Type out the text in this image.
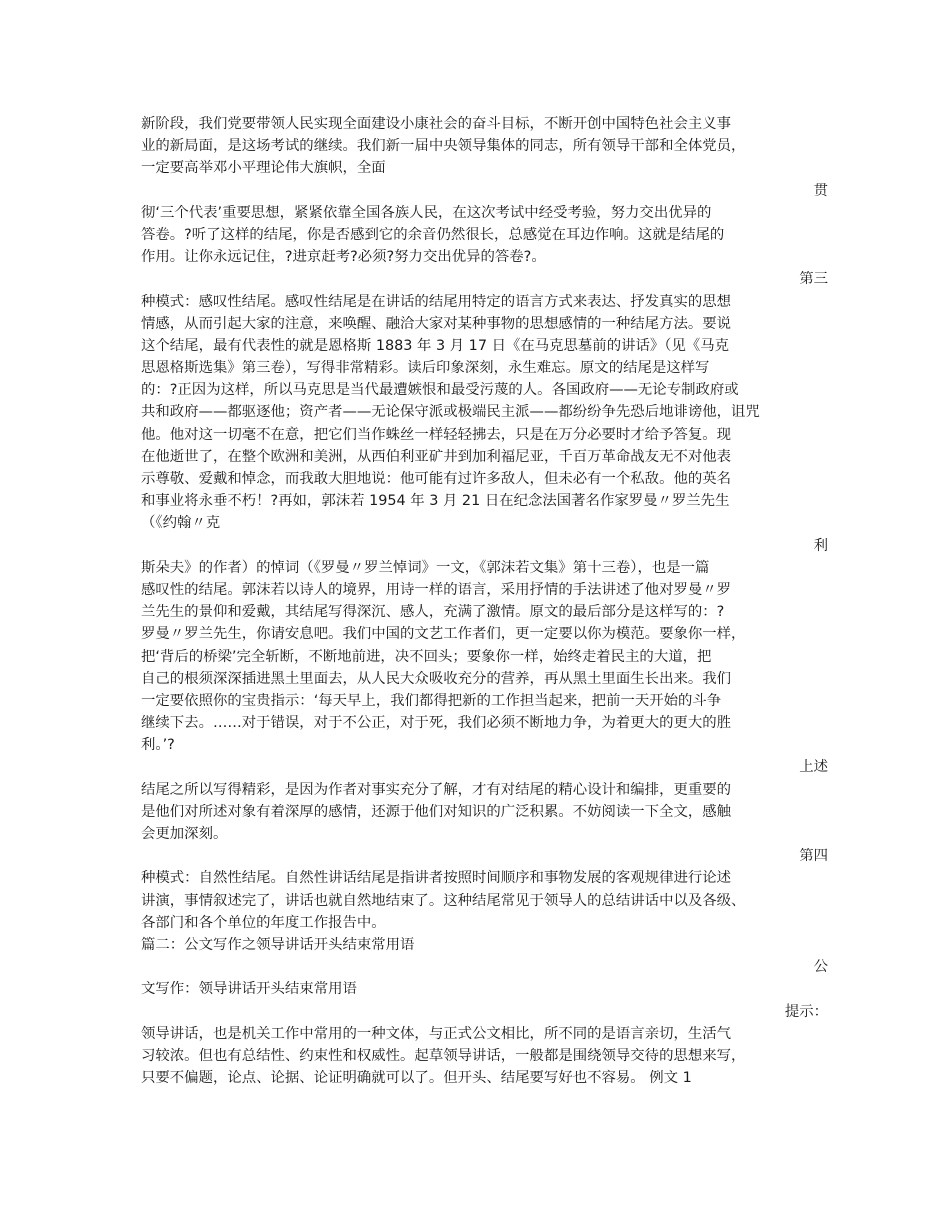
新阶段，我们党要带领人民实现全面建设小康社会的奋斗目标，不断开创中国特色社会主义事
业的新局面，是这场考试的继续。我们新一届中央领导集体的同志，所有领导干部和全体党员，
一定要高举邓小平理论伟大旗帜，全面
贯
彻‘三个代表’重要思想，紧紧依靠全国各族人民，在这次考试中经受考验，努力交出优异的
答卷。?听了这样的结尾，你是否感到它的余音仍然很长，总感觉在耳边作响。这就是结尾的
作用。让你永远记住，?进京赶考?必须?努力交出优异的答卷?。
第三
种模式：感叹性结尾。感叹性结尾是在讲话的结尾用特定的语言方式来表达、抒发真实的思想
情感，从而引起大家的注意，来唤醒、融洽大家对某种事物的思想感情的一种结尾方法。要说
这个结尾，最有代表性的就是恩格斯 1883 年 3 月 17 日《在马克思墓前的讲话》（见《马克
思恩格斯选集》第三卷），写得非常精彩。读后印象深刻，永生难忘。原文的结尾是这样写
的：?正因为这样，所以马克思是当代最遭嫉恨和最受污蔑的人。各国政府——无论专制政府或
共和政府——都驱逐他；资产者——无论保守派或极端民主派——都纷纷争先恐后地诽谤他，诅咒
他。他对这一切毫不在意，把它们当作蛛丝一样轻轻拂去，只是在万分必要时才给予答复。现
在他逝世了，在整个欧洲和美洲，从西伯利亚矿井到加利福尼亚，千百万革命战友无不对他表
示尊敬、爱戴和悼念，而我敢大胆地说：他可能有过许多敌人，但未必有一个私敌。他的英名
和事业将永垂不朽！?再如，郭沫若 1954 年 3 月 21 日在纪念法国著名作家罗曼〃罗兰先生
（《约翰〃克
利
斯朵夫》的作者）的悼词（《罗曼〃罗兰悼词》一文，《郭沫若文集》第十三卷），也是一篇
感叹性的结尾。郭沫若以诗人的境界，用诗一样的语言，采用抒情的手法讲述了他对罗曼〃罗
兰先生的景仰和爱戴，其结尾写得深沉、感人，充满了激情。原文的最后部分是这样写的：?
罗曼〃罗兰先生，你请安息吧。我们中国的文艺工作者们，更一定要以你为模范。要象你一样，
把‘背后的桥梁’完全斩断，不断地前进，决不回头；要象你一样，始终走着民主的大道，把
自己的根须深深插进黑土里面去，从人民大众吸收充分的营养，再从黑土里面生长出来。我们
一定要依照你的宝贵指示：‘每天早上，我们都得把新的工作担当起来，把前一天开始的斗争
继续下去。……对于错误，对于不公正，对于死，我们必须不断地力争，为着更大的更大的胜
利。’?
上述
结尾之所以写得精彩，是因为作者对事实充分了解，才有对结尾的精心设计和编排，更重要的
是他们对所述对象有着深厚的感情，还源于他们对知识的广泛积累。不妨阅读一下全文，感触
会更加深刻。
第四
种模式：自然性结尾。自然性讲话结尾是指讲者按照时间顺序和事物发展的客观规律进行论述
讲演，事情叙述完了，讲话也就自然地结束了。这种结尾常见于领导人的总结讲话中以及各级、
各部门和各个单位的年度工作报告中。
篇二：公文写作之领导讲话开头结束常用语
公
文写作：领导讲话开头结束常用语
提示：
领导讲话，也是机关工作中常用的一种文体，与正式公文相比，所不同的是语言亲切，生活气
习较浓。但也有总结性、约束性和权威性。起草领导讲话，一般都是围绕领导交待的思想来写，
只要不偏题，论点、论据、论证明确就可以了。但开头、结尾要写好也不容易。 例文 1
